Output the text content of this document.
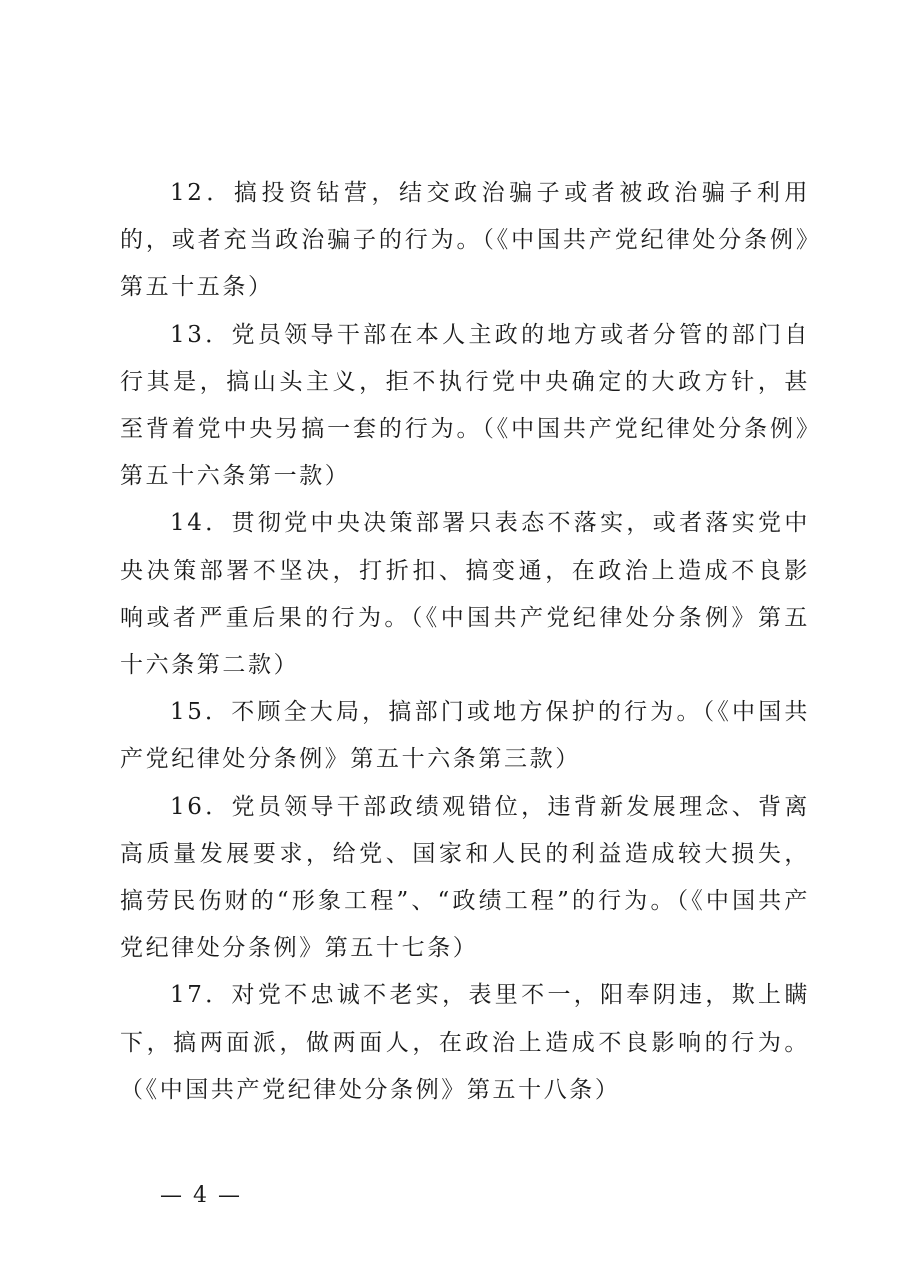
12．搞投资钻营，结交政治骗子或者被政治骗子利用的，或者充当政治骗子的行为。（《中国共产党纪律处分条例》第五十五条）

13．党员领导干部在本人主政的地方或者分管的部门自行其是，搞山头主义，拒不执行党中央确定的大政方针，甚至背着党中央另搞一套的行为。（《中国共产党纪律处分条例》第五十六条第一款）

14．贯彻党中央决策部署只表态不落实，或者落实党中央决策部署不坚决，打折扣、搞变通，在政治上造成不良影响或者严重后果的行为。（《中国共产党纪律处分条例》第五十六条第二款）

15．不顾全大局，搞部门或地方保护的行为。（《中国共产党纪律处分条例》第五十六条第三款）

16．党员领导干部政绩观错位，违背新发展理念、背离高质量发展要求，给党、国家和人民的利益造成较大损失，搞劳民伤财的“形象工程”、“政绩工程”的行为。（《中国共产党纪律处分条例》第五十七条）

17．对党不忠诚不老实，表里不一，阳奉阴违，欺上瞒下，搞两面派，做两面人，在政治上造成不良影响的行为。（《中国共产党纪律处分条例》第五十八条）

— 4 —
